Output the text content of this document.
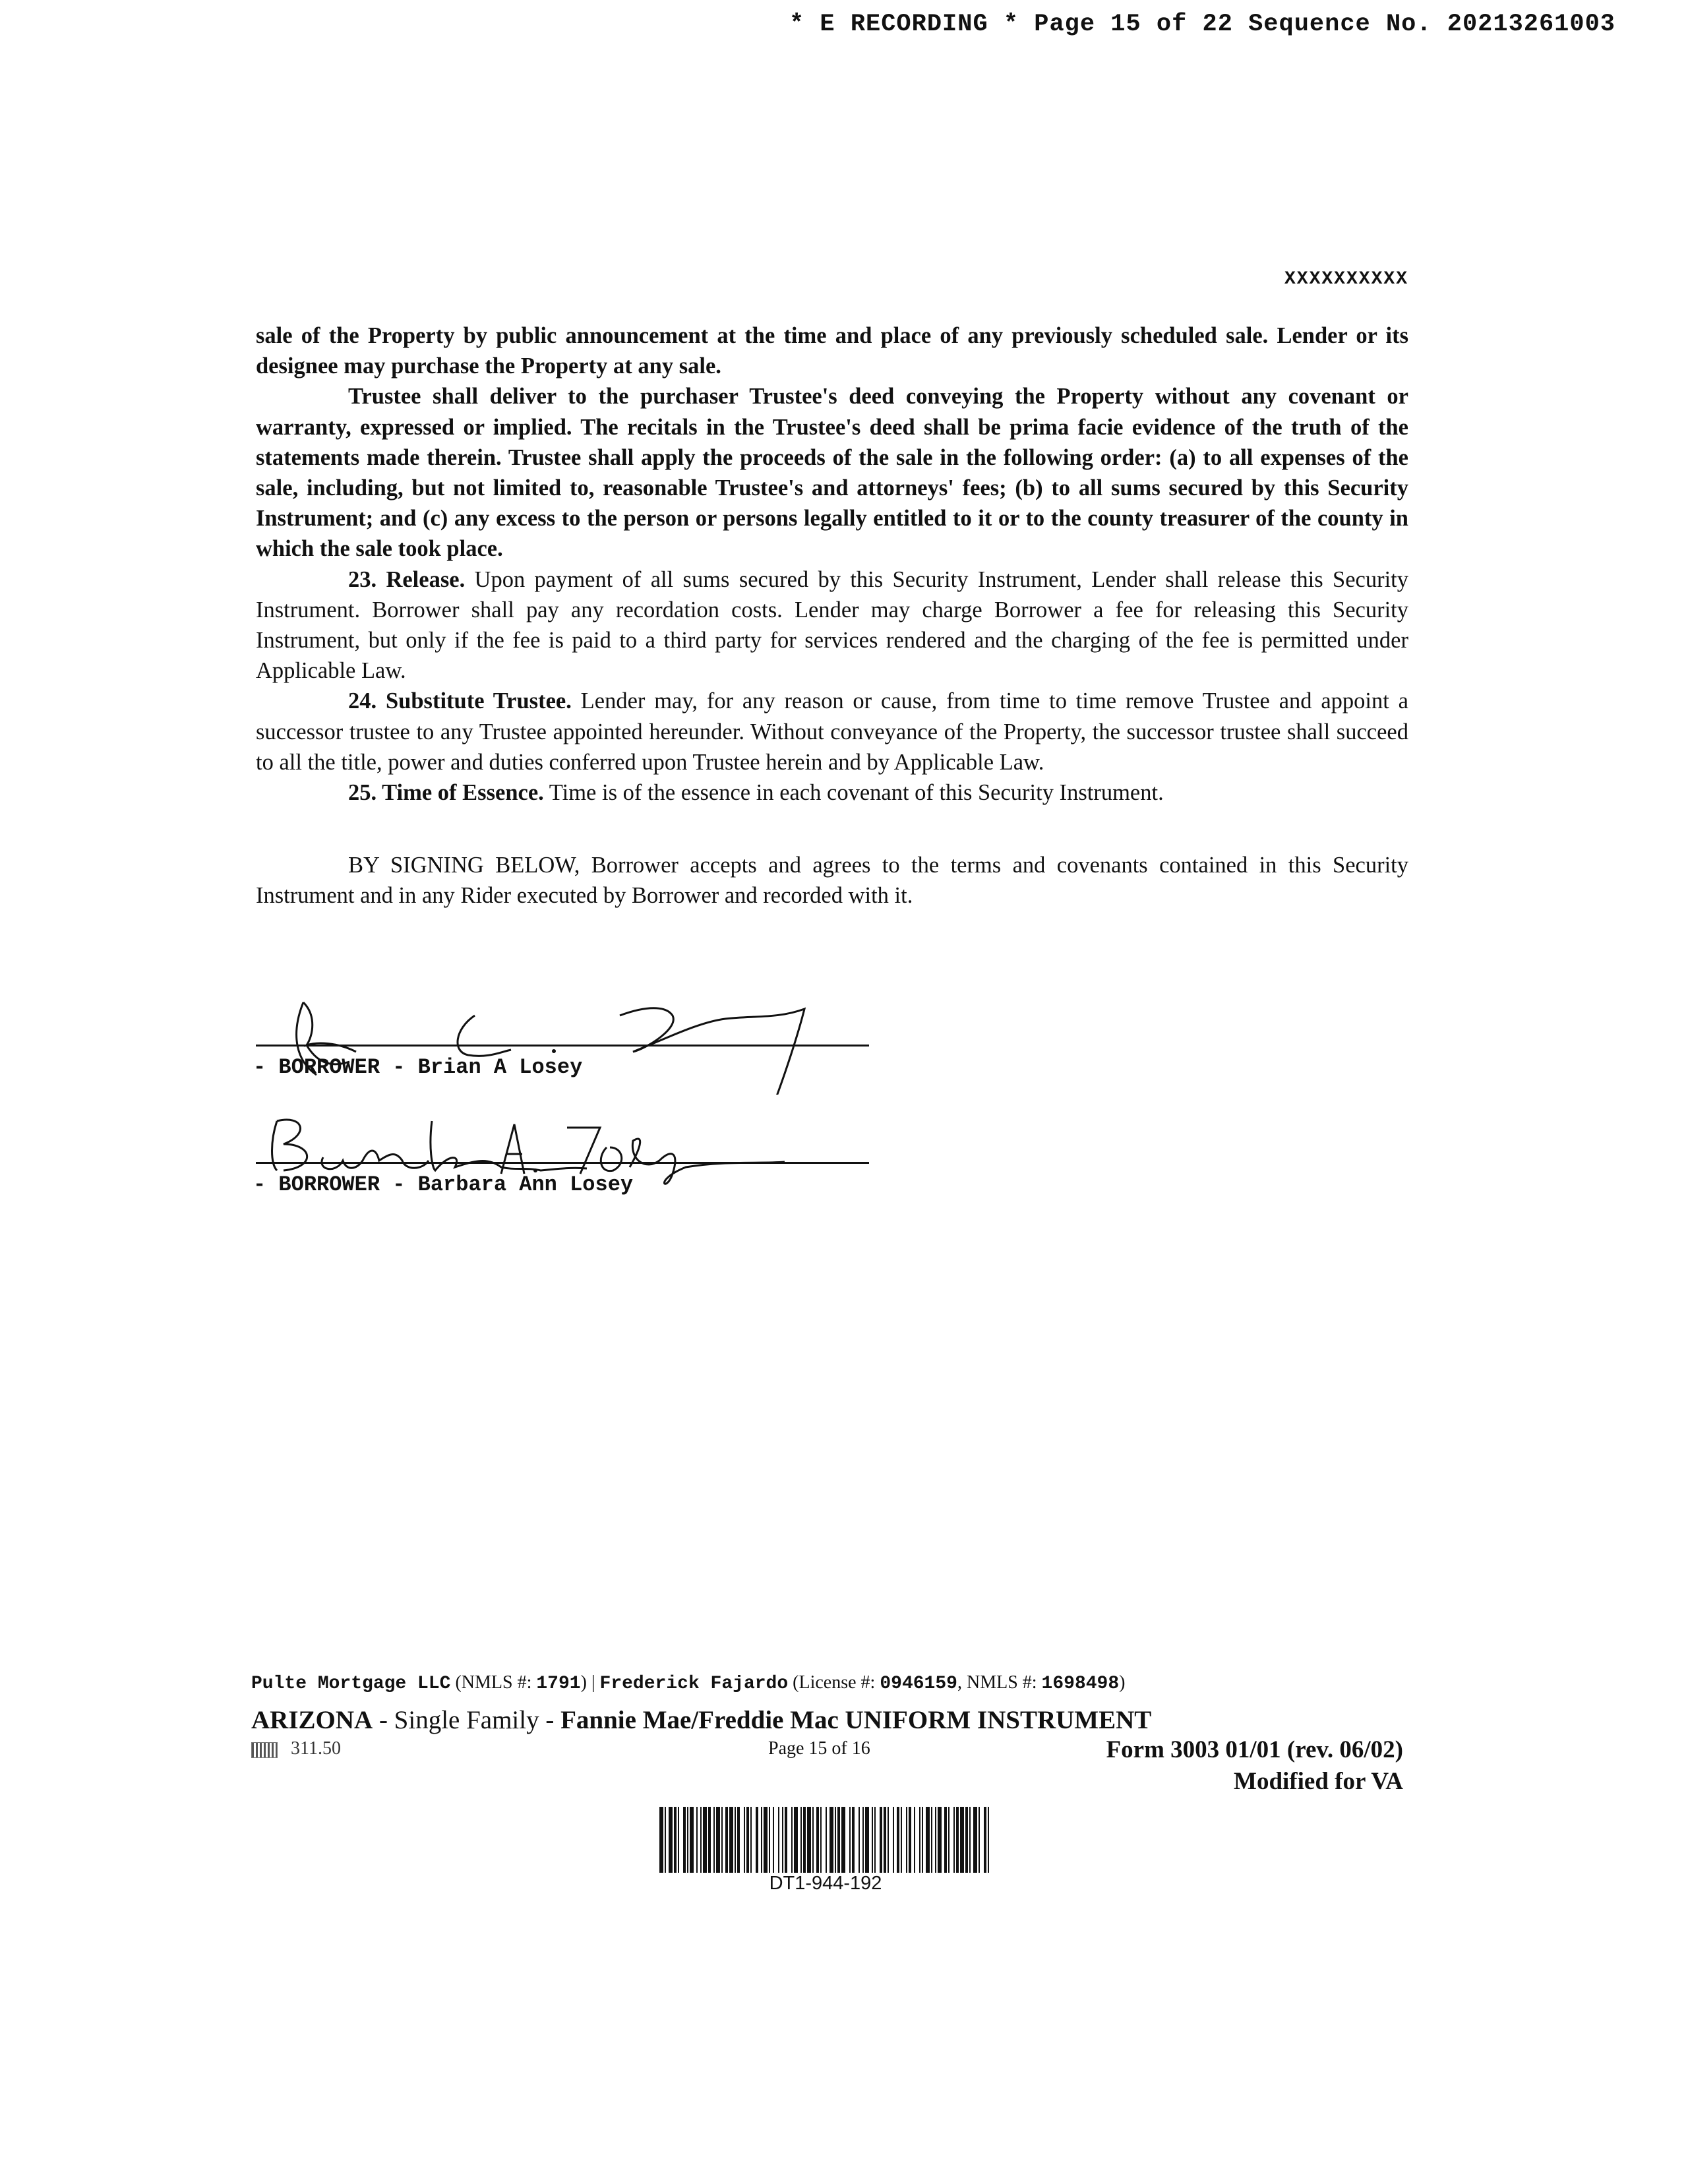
* E RECORDING * Page 15 of 22 Sequence No. 20213261003
XXXXXXXXXX

sale of the Property by public announcement at the time and place of any previously scheduled sale. Lender or its designee may purchase the Property at any sale.

Trustee shall deliver to the purchaser Trustee's deed conveying the Property without any covenant or warranty, expressed or implied. The recitals in the Trustee's deed shall be prima facie evidence of the truth of the statements made therein. Trustee shall apply the proceeds of the sale in the following order: (a) to all expenses of the sale, including, but not limited to, reasonable Trustee's and attorneys' fees; (b) to all sums secured by this Security Instrument; and (c) any excess to the person or persons legally entitled to it or to the county treasurer of the county in which the sale took place.

23. Release. Upon payment of all sums secured by this Security Instrument, Lender shall release this Security Instrument. Borrower shall pay any recordation costs. Lender may charge Borrower a fee for releasing this Security Instrument, but only if the fee is paid to a third party for services rendered and the charging of the fee is permitted under Applicable Law.

24. Substitute Trustee. Lender may, for any reason or cause, from time to time remove Trustee and appoint a successor trustee to any Trustee appointed hereunder. Without conveyance of the Property, the successor trustee shall succeed to all the title, power and duties conferred upon Trustee herein and by Applicable Law.

25. Time of Essence. Time is of the essence in each covenant of this Security Instrument.

BY SIGNING BELOW, Borrower accepts and agrees to the terms and covenants contained in this Security Instrument and in any Rider executed by Borrower and recorded with it.

- BORROWER - Brian A Losey
- BORROWER - Barbara Ann Losey
Pulte Mortgage LLC (NMLS #: 1791) | Frederick Fajardo (License #: 0946159, NMLS #: 1698498)
ARIZONA - Single Family - Fannie Mae/Freddie Mac UNIFORM INSTRUMENT
311.50	Page 15 of 16	Form 3003 01/01 (rev. 06/02)
Modified for VA
DT1-944-192
